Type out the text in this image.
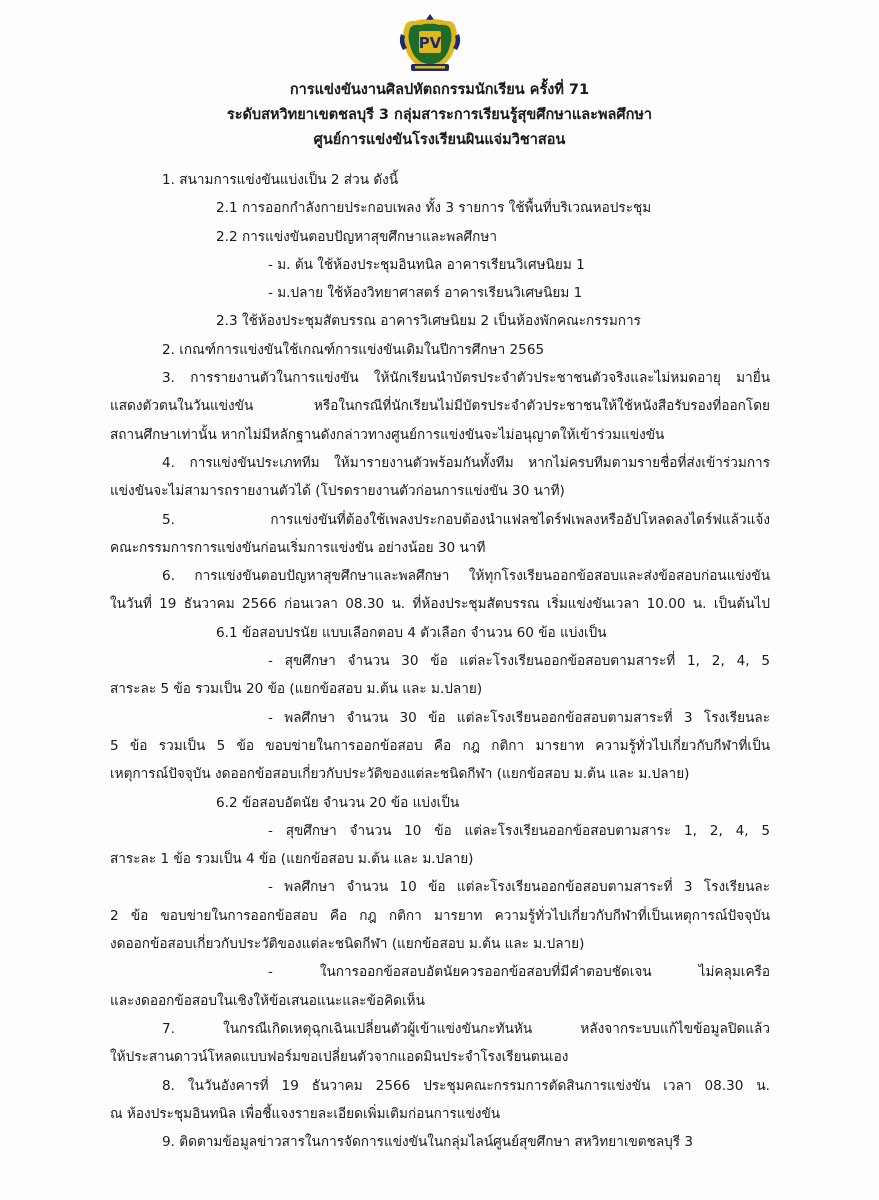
PV
การแข่งขันงานศิลปหัตถกรรมนักเรียน ครั้งที่ 71
ระดับสหวิทยาเขตชลบุรี 3 กลุ่มสาระการเรียนรู้สุขศึกษาและพลศึกษา
ศูนย์การแข่งขันโรงเรียนผินแจ่มวิชาสอน

1. สนามการแข่งขันแบ่งเป็น 2 ส่วน ดังนี้

2.1 การออกกำลังกายประกอบเพลง ทั้ง 3 รายการ ใช้พื้นที่บริเวณหอประชุม

2.2 การแข่งขันตอบปัญหาสุขศึกษาและพลศึกษา

- ม. ต้น ใช้ห้องประชุมอินทนิล อาคารเรียนวิเศษนิยม 1

- ม.ปลาย ใช้ห้องวิทยาศาสตร์ อาคารเรียนวิเศษนิยม 1

2.3 ใช้ห้องประชุมสัตบรรณ อาคารวิเศษนิยม 2 เป็นห้องพักคณะกรรมการ

2. เกณฑ์การแข่งขันใช้เกณฑ์การแข่งขันเดิมในปีการศึกษา 2565

3. การรายงานตัวในการแข่งขัน ให้นักเรียนนำบัตรประจำตัวประชาชนตัวจริงและไม่หมดอายุ มายื่น

แสดงตัวตนในวันแข่งขัน หรือในกรณีที่นักเรียนไม่มีบัตรประจำตัวประชาชนให้ใช้หนังสือรับรองที่ออกโดย

สถานศึกษาเท่านั้น หากไม่มีหลักฐานดังกล่าวทางศูนย์การแข่งขันจะไม่อนุญาตให้เข้าร่วมแข่งขัน

4. การแข่งขันประเภททีม ให้มารายงานตัวพร้อมกันทั้งทีม หากไม่ครบทีมตามรายชื่อที่ส่งเข้าร่วมการ

แข่งขันจะไม่สามารถรายงานตัวได้ (โปรดรายงานตัวก่อนการแข่งขัน 30 นาที)

5. การแข่งขันที่ต้องใช้เพลงประกอบต้องนำแฟลชไดร์ฟเพลงหรืออัปโหลดลงไดร์ฟแล้วแจ้ง

คณะกรรมการการแข่งขันก่อนเริ่มการแข่งขัน อย่างน้อย 30 นาที

6. การแข่งขันตอบปัญหาสุขศึกษาและพลศึกษา ให้ทุกโรงเรียนออกข้อสอบและส่งข้อสอบก่อนแข่งขัน

ในวันที่ 19 ธันวาคม 2566 ก่อนเวลา 08.30 น. ที่ห้องประชุมสัตบรรณ เริ่มแข่งขันเวลา 10.00 น. เป็นต้นไป

6.1 ข้อสอบปรนัย แบบเลือกตอบ 4 ตัวเลือก จำนวน 60 ข้อ แบ่งเป็น

- สุขศึกษา จำนวน 30 ข้อ แต่ละโรงเรียนออกข้อสอบตามสาระที่ 1, 2, 4, 5

สาระละ 5 ข้อ รวมเป็น 20 ข้อ (แยกข้อสอบ ม.ต้น และ ม.ปลาย)

- พลศึกษา จำนวน 30 ข้อ แต่ละโรงเรียนออกข้อสอบตามสาระที่ 3 โรงเรียนละ

5 ข้อ รวมเป็น 5 ข้อ ขอบข่ายในการออกข้อสอบ คือ กฎ กติกา มารยาท ความรู้ทั่วไปเกี่ยวกับกีฬาที่เป็น

เหตุการณ์ปัจจุบัน งดออกข้อสอบเกี่ยวกับประวัติของแต่ละชนิดกีฬา (แยกข้อสอบ ม.ต้น และ ม.ปลาย)

6.2 ข้อสอบอัตนัย จำนวน 20 ข้อ แบ่งเป็น

- สุขศึกษา จำนวน 10 ข้อ แต่ละโรงเรียนออกข้อสอบตามสาระ 1, 2, 4, 5

สาระละ 1 ข้อ รวมเป็น 4 ข้อ (แยกข้อสอบ ม.ต้น และ ม.ปลาย)

- พลศึกษา จำนวน 10 ข้อ แต่ละโรงเรียนออกข้อสอบตามสาระที่ 3 โรงเรียนละ

2 ข้อ ขอบข่ายในการออกข้อสอบ คือ กฎ กติกา มารยาท ความรู้ทั่วไปเกี่ยวกับกีฬาที่เป็นเหตุการณ์ปัจจุบัน

งดออกข้อสอบเกี่ยวกับประวัติของแต่ละชนิดกีฬา (แยกข้อสอบ ม.ต้น และ ม.ปลาย)

- ในการออกข้อสอบอัตนัยควรออกข้อสอบที่มีคำตอบชัดเจน ไม่คลุมเครือ

และงดออกข้อสอบในเชิงให้ข้อเสนอแนะและข้อคิดเห็น

7. ในกรณีเกิดเหตุฉุกเฉินเปลี่ยนตัวผู้เข้าแข่งขันกะทันหัน หลังจากระบบแก้ไขข้อมูลปิดแล้ว

ให้ประสานดาวน์โหลดแบบฟอร์มขอเปลี่ยนตัวจากแอดมินประจำโรงเรียนตนเอง

8. ในวันอังคารที่ 19 ธันวาคม 2566 ประชุมคณะกรรมการตัดสินการแข่งขัน เวลา 08.30 น.

ณ ห้องประชุมอินทนิล เพื่อชี้แจงรายละเอียดเพิ่มเติมก่อนการแข่งขัน

9. ติดตามข้อมูลข่าวสารในการจัดการแข่งขันในกลุ่มไลน์ศูนย์สุขศึกษา สหวิทยาเขตชลบุรี 3
